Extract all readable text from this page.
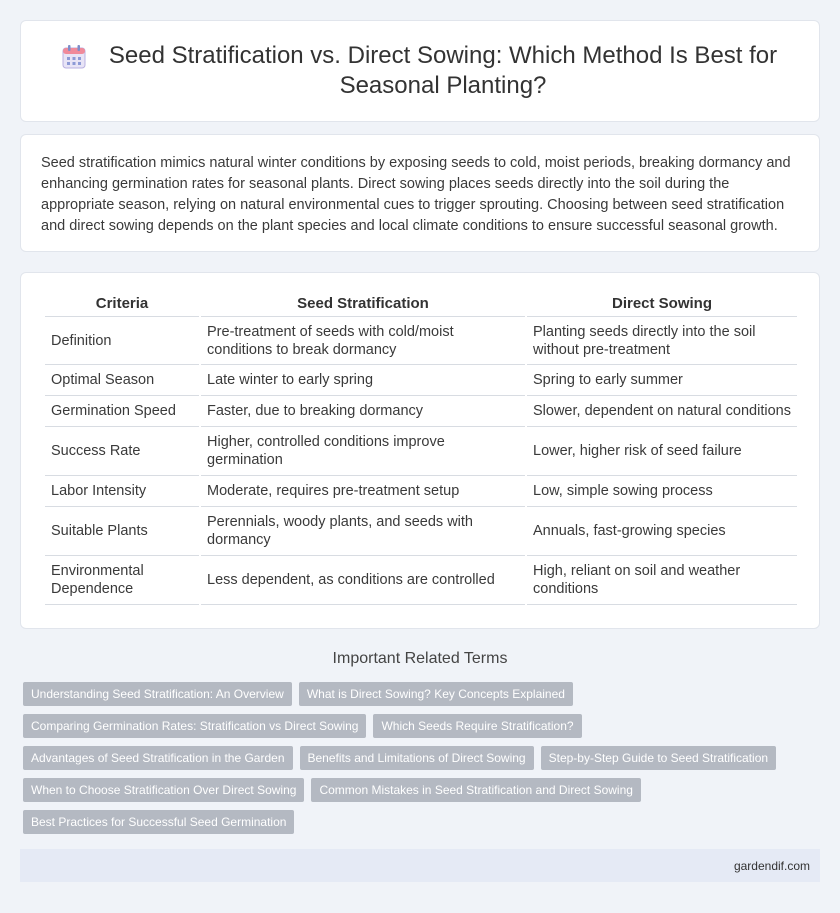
Seed Stratification vs. Direct Sowing: Which Method Is Best for Seasonal Planting?

Seed stratification mimics natural winter conditions by exposing seeds to cold, moist periods, breaking dormancy and enhancing germination rates for seasonal plants. Direct sowing places seeds directly into the soil during the appropriate season, relying on natural environmental cues to trigger sprouting. Choosing between seed stratification and direct sowing depends on the plant species and local climate conditions to ensure successful seasonal growth.

Criteria	Seed Stratification	Direct Sowing
Definition	Pre-treatment of seeds with cold/moist conditions to break dormancy	Planting seeds directly into the soil without pre-treatment
Optimal Season	Late winter to early spring	Spring to early summer
Germination Speed	Faster, due to breaking dormancy	Slower, dependent on natural conditions
Success Rate	Higher, controlled conditions improve germination	Lower, higher risk of seed failure
Labor Intensity	Moderate, requires pre-treatment setup	Low, simple sowing process
Suitable Plants	Perennials, woody plants, and seeds with dormancy	Annuals, fast-growing species
Environmental Dependence	Less dependent, as conditions are controlled	High, reliant on soil and weather conditions
Important Related Terms
Understanding Seed Stratification: An Overview	What is Direct Sowing? Key Concepts Explained
Comparing Germination Rates: Stratification vs Direct Sowing	Which Seeds Require Stratification?
Advantages of Seed Stratification in the Garden	Benefits and Limitations of Direct Sowing	Step-by-Step Guide to Seed Stratification
When to Choose Stratification Over Direct Sowing	Common Mistakes in Seed Stratification and Direct Sowing
Best Practices for Successful Seed Germination
gardendif.com
